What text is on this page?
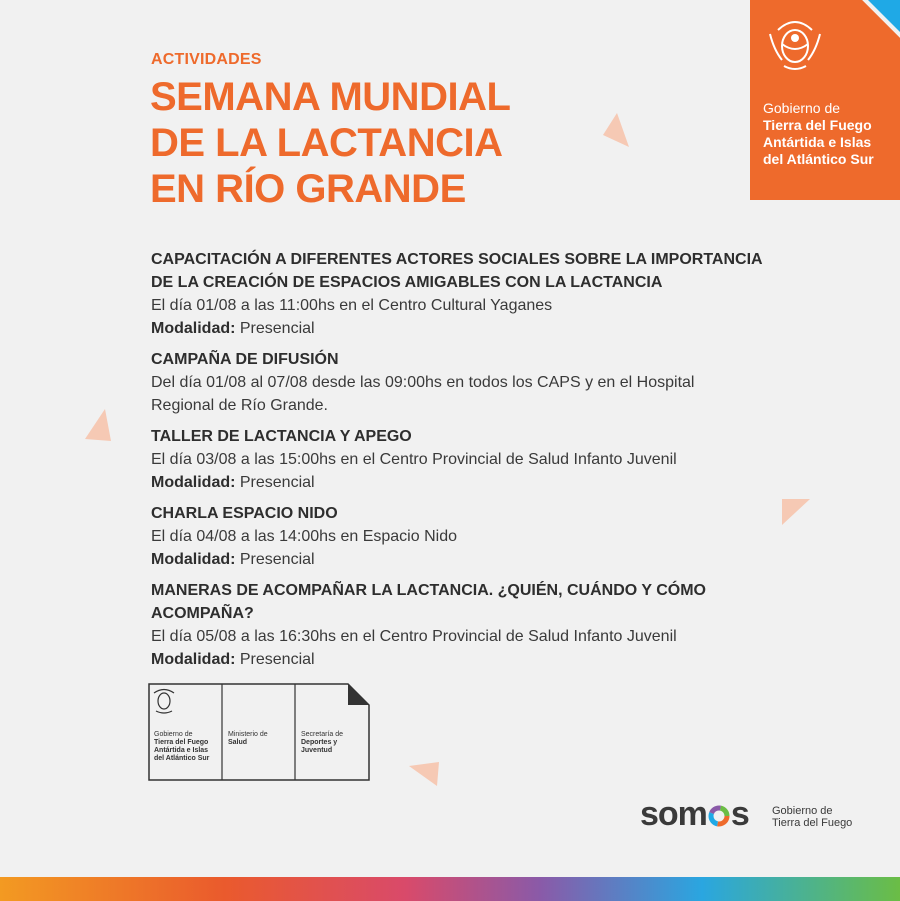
ACTIVIDADES
SEMANA MUNDIAL
DE LA LACTANCIA
EN RÍO GRANDE
Gobierno de
Tierra del Fuego
Antártida e Islas
del Atlántico Sur
CAPACITACIÓN A DIFERENTES ACTORES SOCIALES SOBRE LA IMPORTANCIA
DE LA CREACIÓN DE ESPACIOS AMIGABLES CON LA LACTANCIA

El día 01/08 a las 11:00hs en el Centro Cultural Yaganes

Modalidad: Presencial

CAMPAÑA DE DIFUSIÓN

Del día 01/08 al 07/08 desde las 09:00hs en todos los CAPS y en el Hospital

Regional de Río Grande.

TALLER DE LACTANCIA Y APEGO

El día 03/08 a las 15:00hs en el Centro Provincial de Salud Infanto Juvenil

Modalidad: Presencial

CHARLA ESPACIO NIDO

El día 04/08 a las 14:00hs en Espacio Nido

Modalidad: Presencial

MANERAS DE ACOMPAÑAR LA LACTANCIA. ¿QUIÉN, CUÁNDO Y CÓMO
ACOMPAÑA?

El día 05/08 a las 16:30hs en el Centro Provincial de Salud Infanto Juvenil

Modalidad: Presencial

Gobierno de
Tierra del Fuego
Antártida e Islas
del Atlántico Sur
Ministerio de
Salud
Secretaría de
Deportes y
Juventud
som s Gobierno de
Tierra del Fuego
